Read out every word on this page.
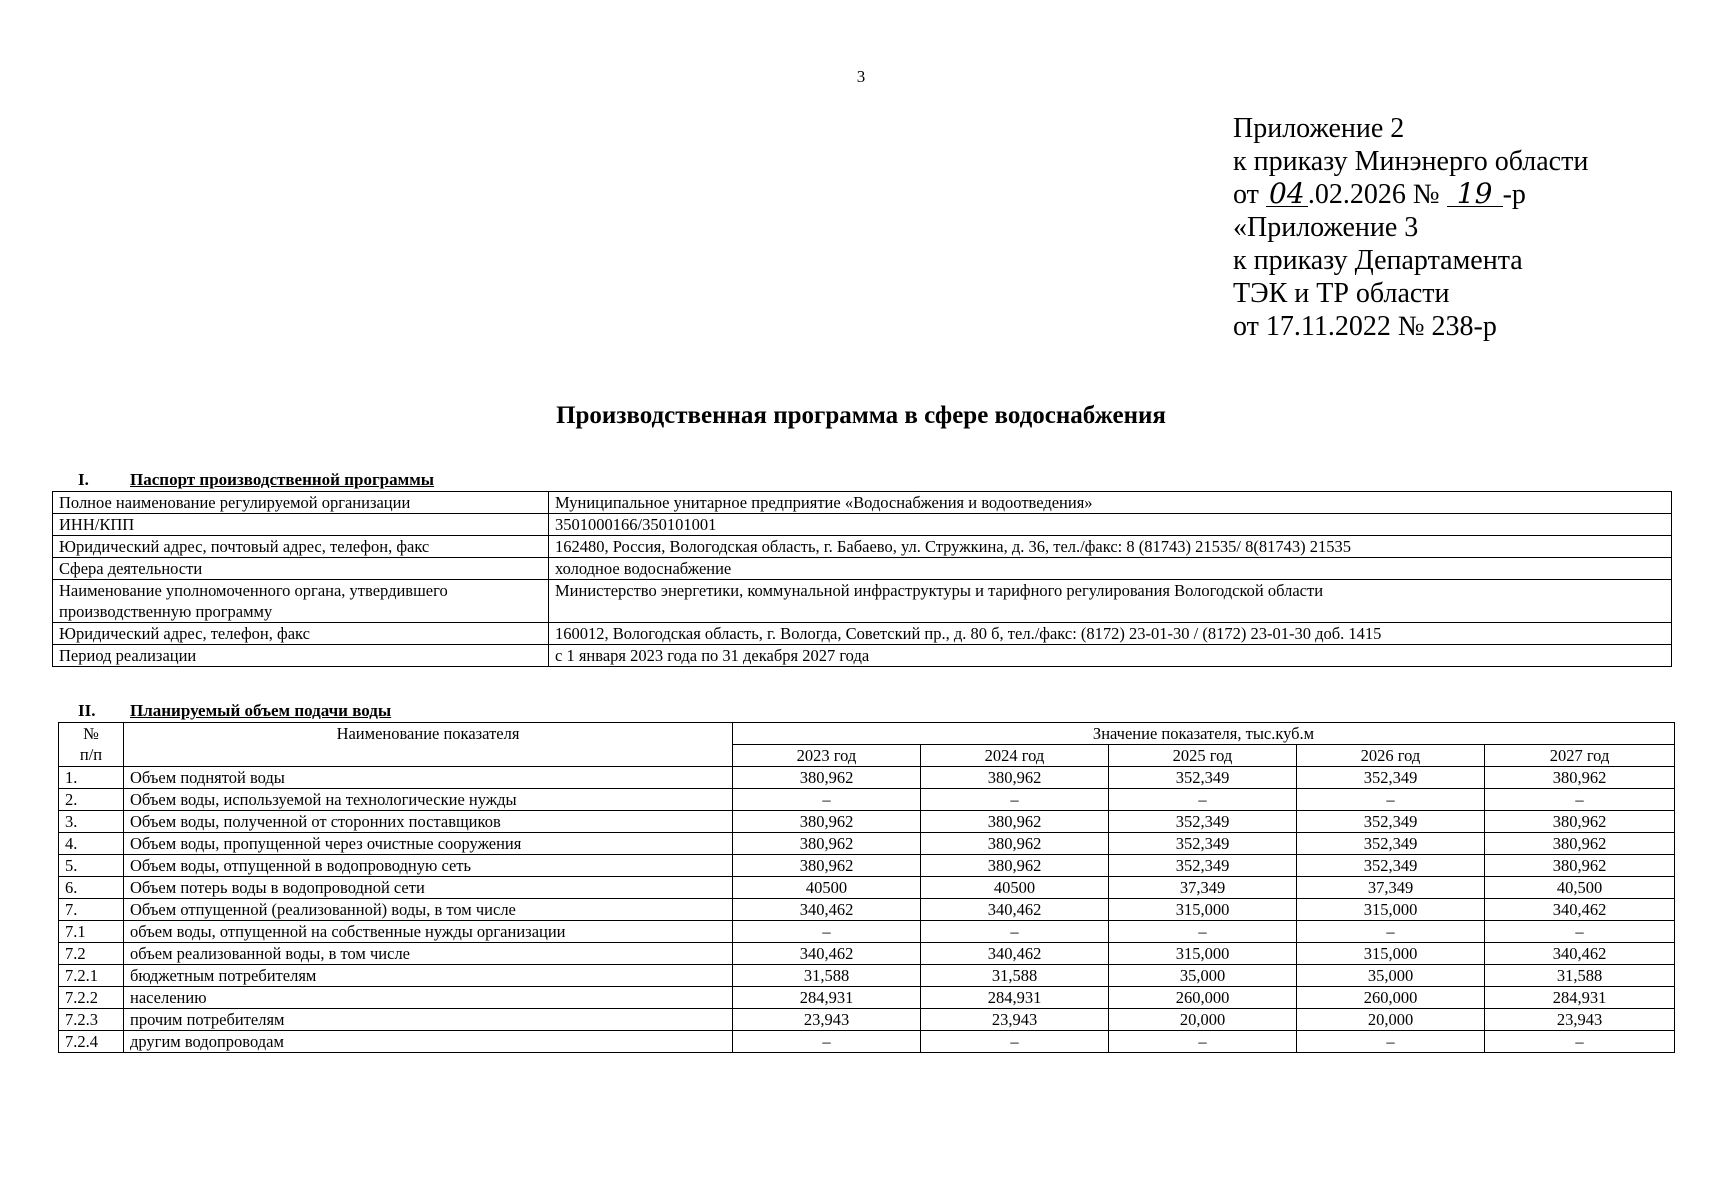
3
Приложение 2
к приказу Минэнерго области
от 04 .02.2026 № 19 -р
«Приложение 3
к приказу Департамента
ТЭК и ТР области
от 17.11.2022 № 238-р
Производственная программа в сфере водоснабжения
I. Паспорт производственной программы
Полное наименование регулируемой организации	Муниципальное унитарное предприятие «Водоснабжения и водоотведения»
ИНН/КПП	3501000166/350101001
Юридический адрес, почтовый адрес, телефон, факс	162480, Россия, Вологодская область, г. Бабаево, ул. Стружкина, д. 36, тел./факс: 8 (81743) 21535/ 8(81743) 21535
Сфера деятельности	холодное водоснабжение
Наименование уполномоченного органа, утвердившего производственную программу	Министерство энергетики, коммунальной инфраструктуры и тарифного регулирования Вологодской области
Юридический адрес, телефон, факс	160012, Вологодская область, г. Вологда, Советский пр., д. 80 б, тел./факс: (8172) 23-01-30 / (8172) 23-01-30 доб. 1415
Период реализации	с 1 января 2023 года по 31 декабря 2027 года
II. Планируемый объем подачи воды
№
п/п	Наименование показателя	Значение показателя, тыс.куб.м				
		2023 год	2024 год	2025 год	2026 год	2027 год
1.	Объем поднятой воды	380,962	380,962	352,349	352,349	380,962
2.	Объем воды, используемой на технологические нужды	–	–	–	–	–
3.	Объем воды, полученной от сторонних поставщиков	380,962	380,962	352,349	352,349	380,962
4.	Объем воды, пропущенной через очистные сооружения	380,962	380,962	352,349	352,349	380,962
5.	Объем воды, отпущенной в водопроводную сеть	380,962	380,962	352,349	352,349	380,962
6.	Объем потерь воды в водопроводной сети	40500	40500	37,349	37,349	40,500
7.	Объем отпущенной (реализованной) воды, в том числе	340,462	340,462	315,000	315,000	340,462
7.1	объем воды, отпущенной на собственные нужды организации	–	–	–	–	–
7.2	объем реализованной воды, в том числе	340,462	340,462	315,000	315,000	340,462
7.2.1	бюджетным потребителям	31,588	31,588	35,000	35,000	31,588
7.2.2	населению	284,931	284,931	260,000	260,000	284,931
7.2.3	прочим потребителям	23,943	23,943	20,000	20,000	23,943
7.2.4	другим водопроводам	–	–	–	–	–
